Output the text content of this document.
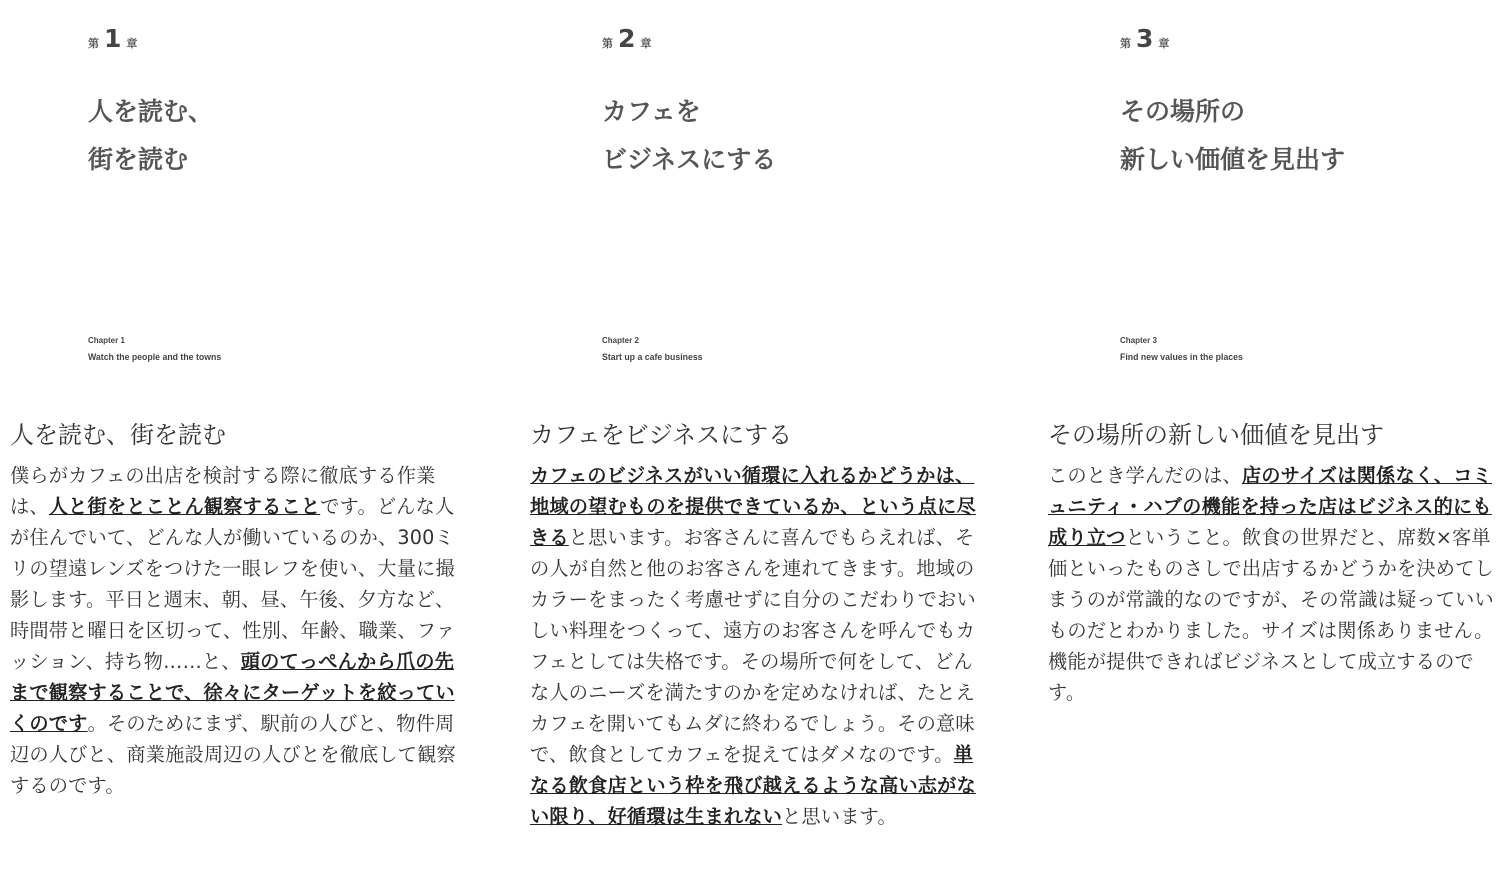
第 1 章
人を読む、
街を読む
Chapter 1
Watch the people and the towns
人を読む、街を読む

僕らがカフェの出店を検討する際に徹底する作業は、人と街をとことん観察することです。どんな人が住んでいて、どんな人が働いているのか、300ミリの望遠レンズをつけた一眼レフを使い、大量に撮影します。平日と週末、朝、昼、午後、夕方など、時間帯と曜日を区切って、性別、年齢、職業、ファッション、持ち物……と、頭のてっぺんから爪の先まで観察することで、徐々にターゲットを絞っていくのです。そのためにまず、駅前の人びと、物件周辺の人びと、商業施設周辺の人びとを徹底して観察するのです。

第 2 章
カフェを
ビジネスにする
Chapter 2
Start up a cafe business
カフェをビジネスにする

カフェのビジネスがいい循環に入れるかどうかは、地域の望むものを提供できているか、という点に尽きると思います。お客さんに喜んでもらえれば、その人が自然と他のお客さんを連れてきます。地域のカラーをまったく考慮せずに自分のこだわりでおいしい料理をつくって、遠方のお客さんを呼んでもカフェとしては失格です。その場所で何をして、どんな人のニーズを満たすのかを定めなければ、たとえカフェを開いてもムダに終わるでしょう。その意味で、飲食としてカフェを捉えてはダメなのです。単なる飲食店という枠を飛び越えるような高い志がない限り、好循環は生まれないと思います。

第 3 章
その場所の
新しい価値を見出す
Chapter 3
Find new values in the places
その場所の新しい価値を見出す

このとき学んだのは、店のサイズは関係なく、コミュニティ・ハブの機能を持った店はビジネス的にも成り立つということ。飲食の世界だと、席数×客単価といったものさしで出店するかどうかを決めてしまうのが常識的なのですが、その常識は疑っていいものだとわかりました。サイズは関係ありません。機能が提供できればビジネスとして成立するのです。
